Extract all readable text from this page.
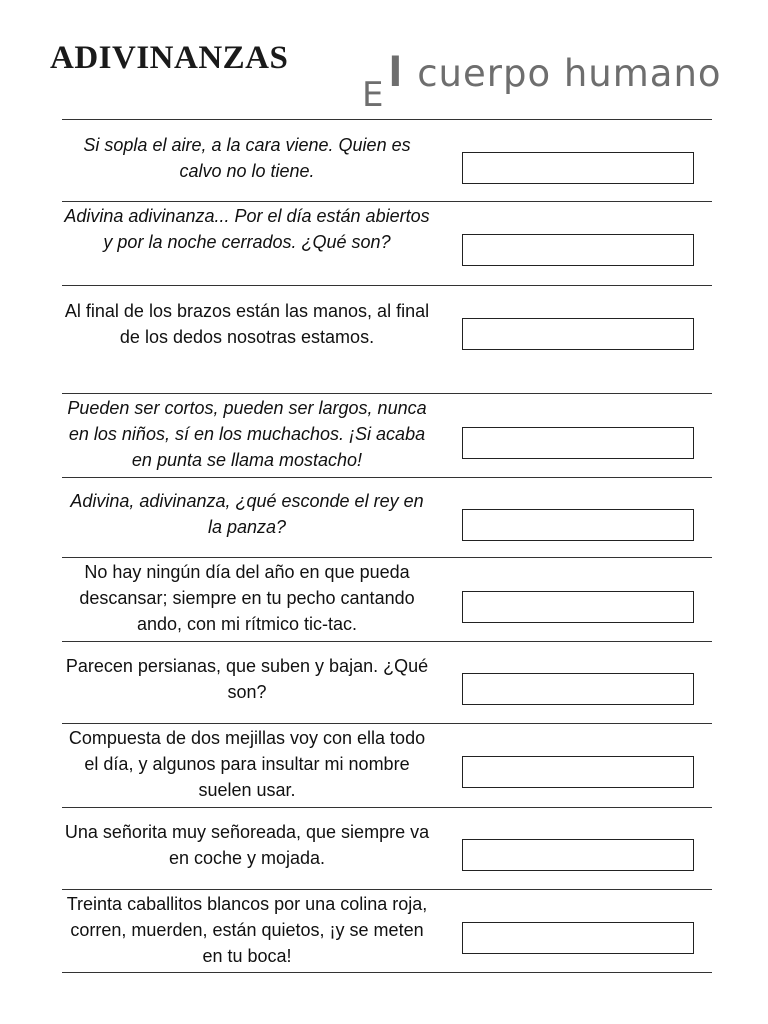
ADIVINANZAS
$_E$ l cuerpo humano
Si sopla el aire, a la cara viene. Quien es calvo no lo tiene.
Adivina adivinanza... Por el día están abiertos y por la noche cerrados. ¿Qué son?
Al final de los brazos están las manos, al final de los dedos nosotras estamos.
Pueden ser cortos, pueden ser largos, nunca en los niños, sí en los muchachos. ¡Si acaba en punta se llama mostacho!
Adivina, adivinanza, ¿qué esconde el rey en la panza?
No hay ningún día del año en que pueda descansar; siempre en tu pecho cantando ando, con mi rítmico tic-tac.
Parecen persianas, que suben y bajan. ¿Qué son?
Compuesta de dos mejillas voy con ella todo el día, y algunos para insultar mi nombre suelen usar.
Una señorita muy señoreada, que siempre va en coche y mojada.
Treinta caballitos blancos por una colina roja, corren, muerden, están quietos, ¡y se meten en tu boca!
